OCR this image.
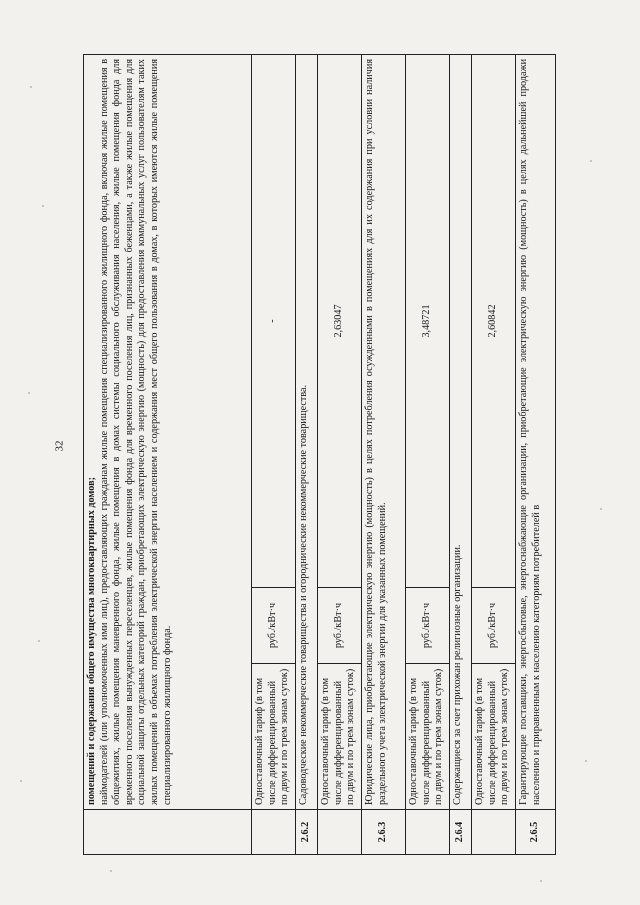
32
	помещений и содержания общего имущества многоквартирных домов; наймодателей (или уполномоченных ими лиц), предоставляющих гражданам жилые помещения специализированного жилищного фонда, включая жилые помещения в общежитиях, жилые помещения маневренного фонда, жилые помещения в домах системы социального обслуживания населения, жилые помещения фонда для временного поселения вынужденных переселенцев, жилые помещения фонда для временного поселения лиц, признанных беженцами, а также жилые помещения для социальной защиты отдельных категорий граждан, приобретающих электрическую энергию (мощность) для предоставления коммунальных услуг пользователям таких жилых помещений в объемах потребления электрической энергии населением и содержания мест общего пользования в домах, в которых имеются жилые помещения специализированного жилищного фонда.		
	Одноставочный тариф (в том числе дифференцированный по двум и по трем зонам суток)	руб./кВт·ч	-
2.6.2	Садоводческие некоммерческие товарищества и огороднические некоммерческие товарищества.		
	Одноставочный тариф (в том числе дифференцированный по двум и по трем зонам суток)	руб./кВт·ч	2,63047
2.6.3	Юридические лица, приобретающие электрическую энергию (мощность) в целях потребления осужденными в помещениях для их содержания при условии наличия раздельного учета электрической энергии для указанных помещений.		
	Одноставочный тариф (в том числе дифференцированный по двум и по трем зонам суток)	руб./кВт·ч	3,48721
2.6.4	Содержащиеся за счет прихожан религиозные организации.		
	Одноставочный тариф (в том числе дифференцированный по двум и по трем зонам суток)	руб./кВт·ч	2,60842
2.6.5	Гарантирующие поставщики, энергосбытовые, энергоснабжающие организации, приобретающие электрическую энергию (мощность) в целях дальнейшей продажи населению и приравненным к населению категориям потребителей в		
